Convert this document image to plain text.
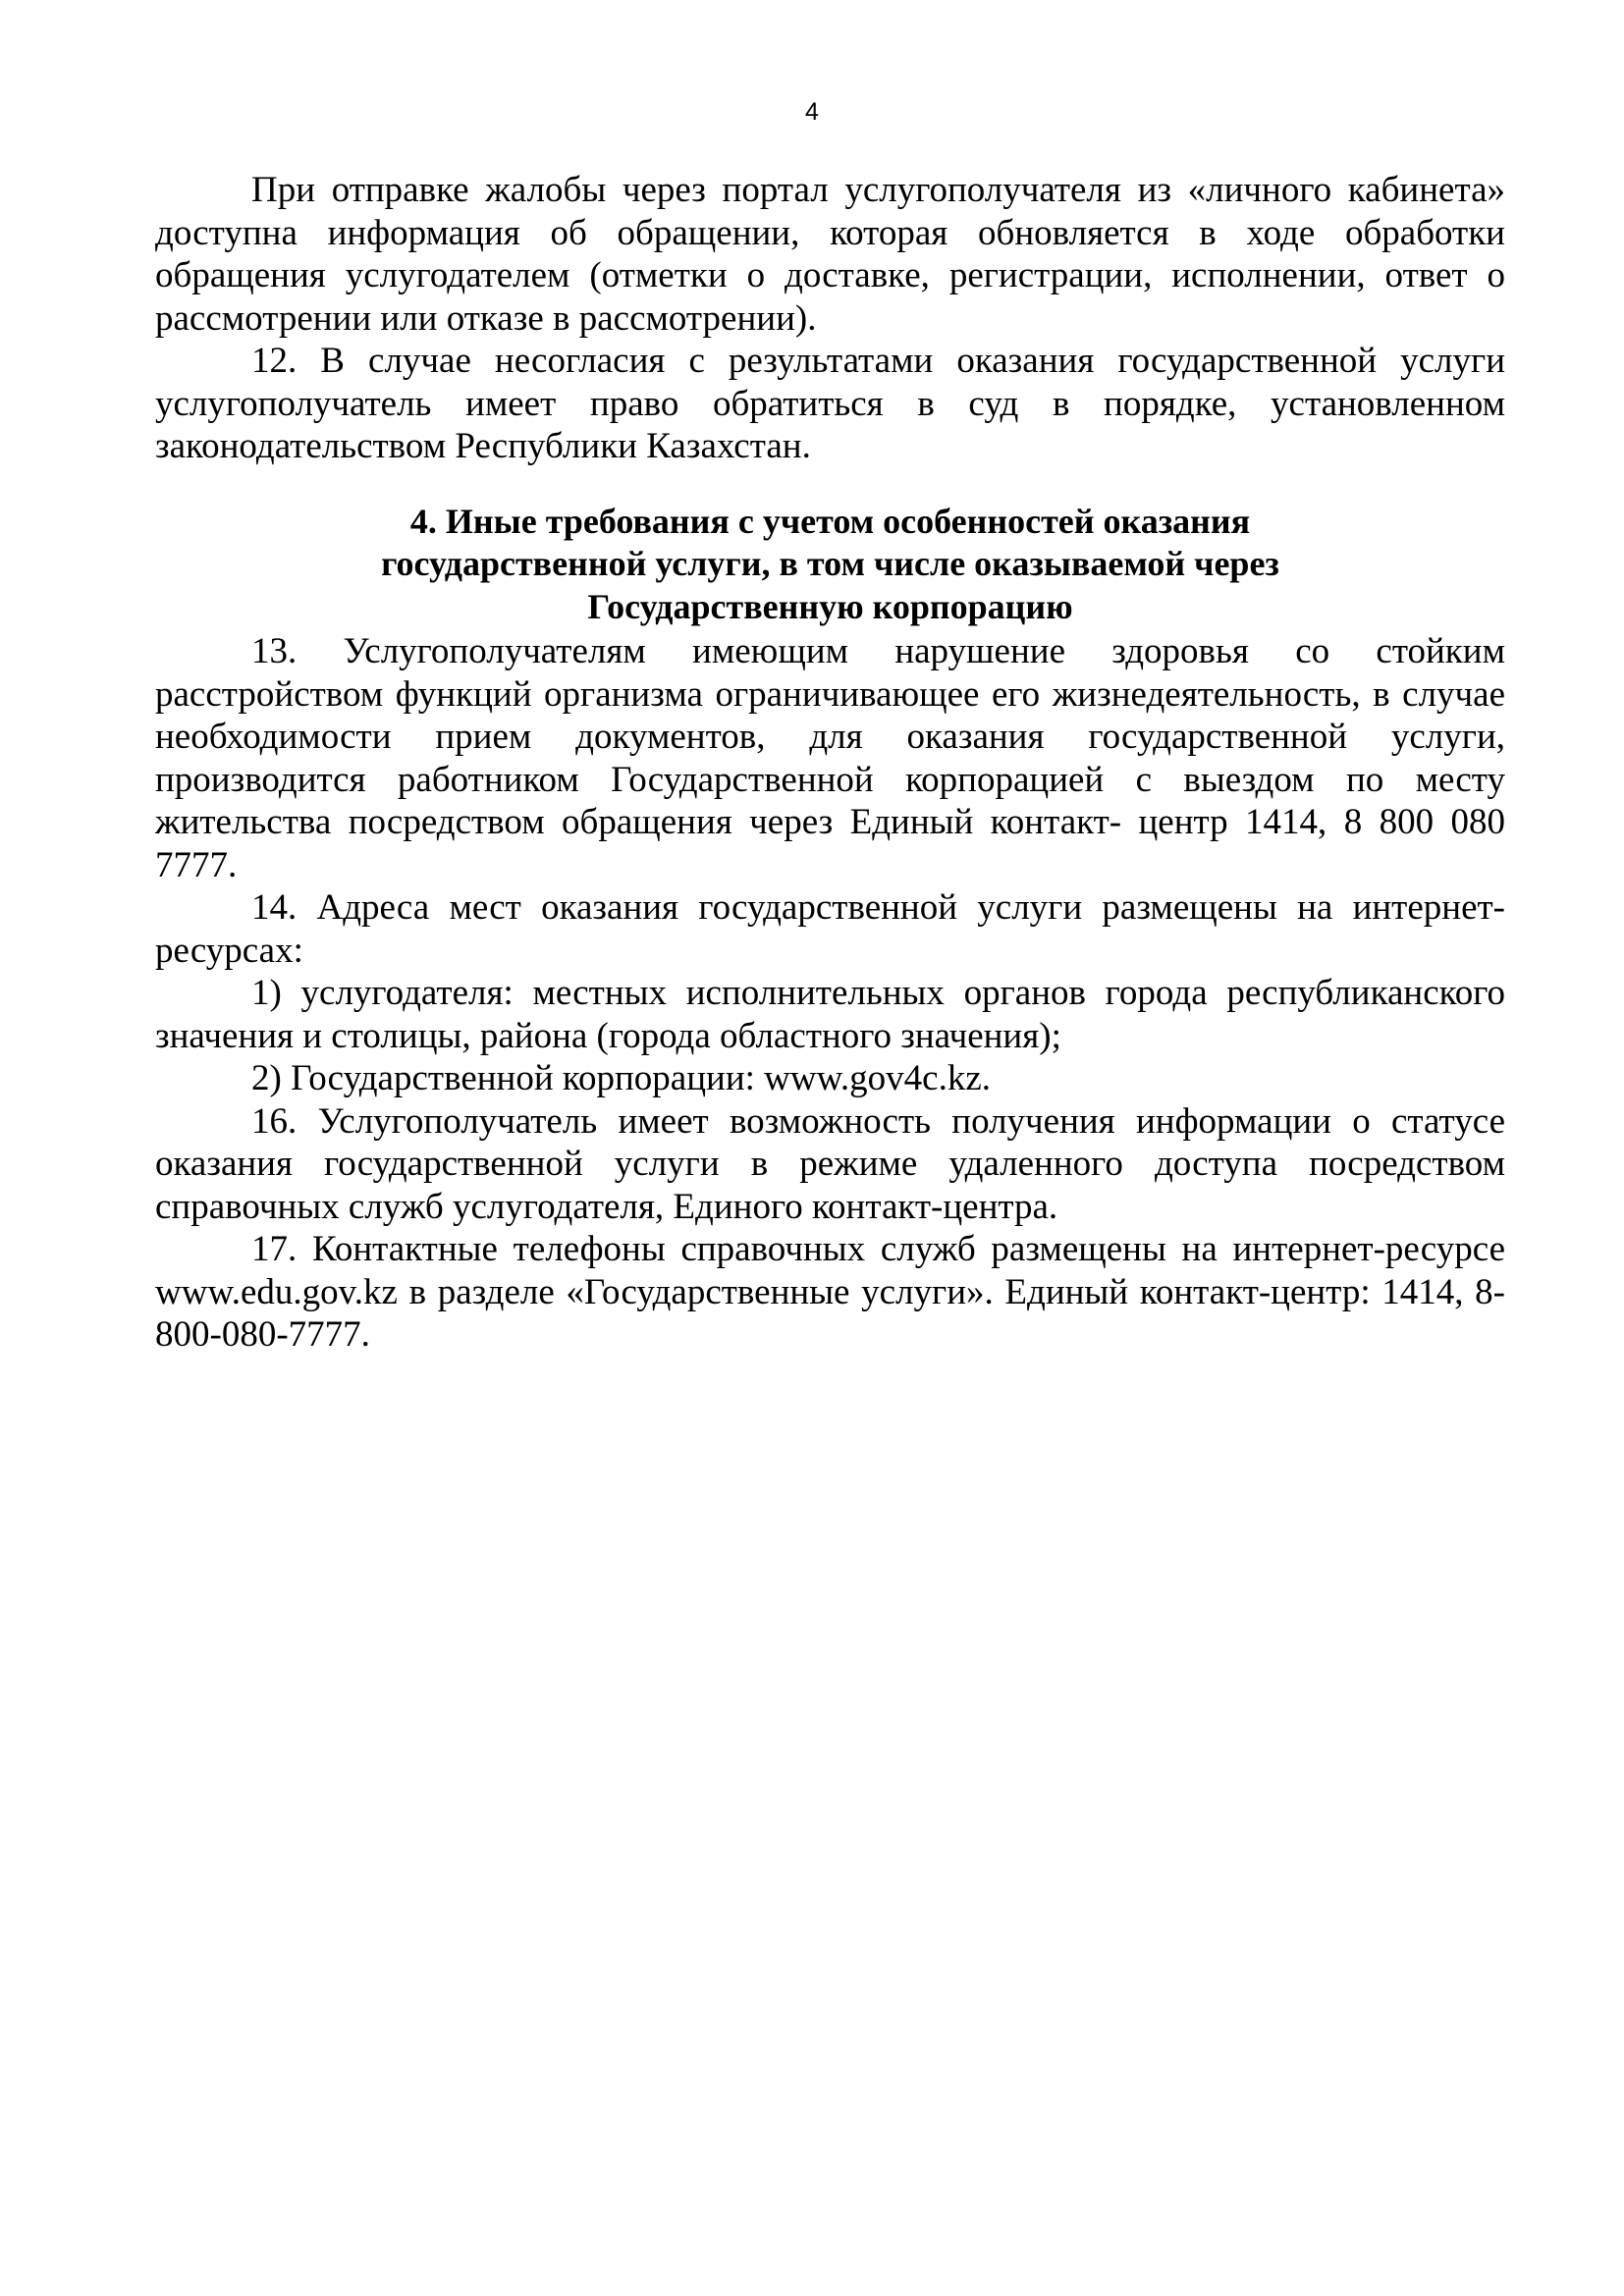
4

При отправке жалобы через портал услугополучателя из «личного кабинета» доступна информация об обращении, которая обновляется в ходе обработки обращения услугодателем (отметки о доставке, регистрации, исполнении, ответ о рассмотрении или отказе в рассмотрении).

12. В случае несогласия с результатами оказания государственной услуги услугополучатель имеет право обратиться в суд в порядке, установленном законодательством Республики Казахстан.

4. Иные требования с учетом особенностей оказания
государственной услуги, в том числе оказываемой через
Государственную корпорацию

13. Услугополучателям имеющим нарушение здоровья со стойким расстройством функций организма ограничивающее его жизнедеятельность, в случае необходимости прием документов, для оказания государственной услуги, производится работником Государственной корпорацией с выездом по месту жительства посредством обращения через Единый контакт- центр 1414, 8 800 080 7777.

14. Адреса мест оказания государственной услуги размещены на интернет-ресурсах:

1) услугодателя: местных исполнительных органов города республиканского значения и столицы, района (города областного значения);

2) Государственной корпорации: www.gov4c.kz.

16. Услугополучатель имеет возможность получения информации о статусе оказания государственной услуги в режиме удаленного доступа посредством справочных служб услугодателя, Единого контакт-центра.

17. Контактные телефоны справочных служб размещены на интернет-ресурсе www.edu.gov.kz в разделе «Государственные услуги». Единый контакт-центр: 1414, 8-800-080-7777.
